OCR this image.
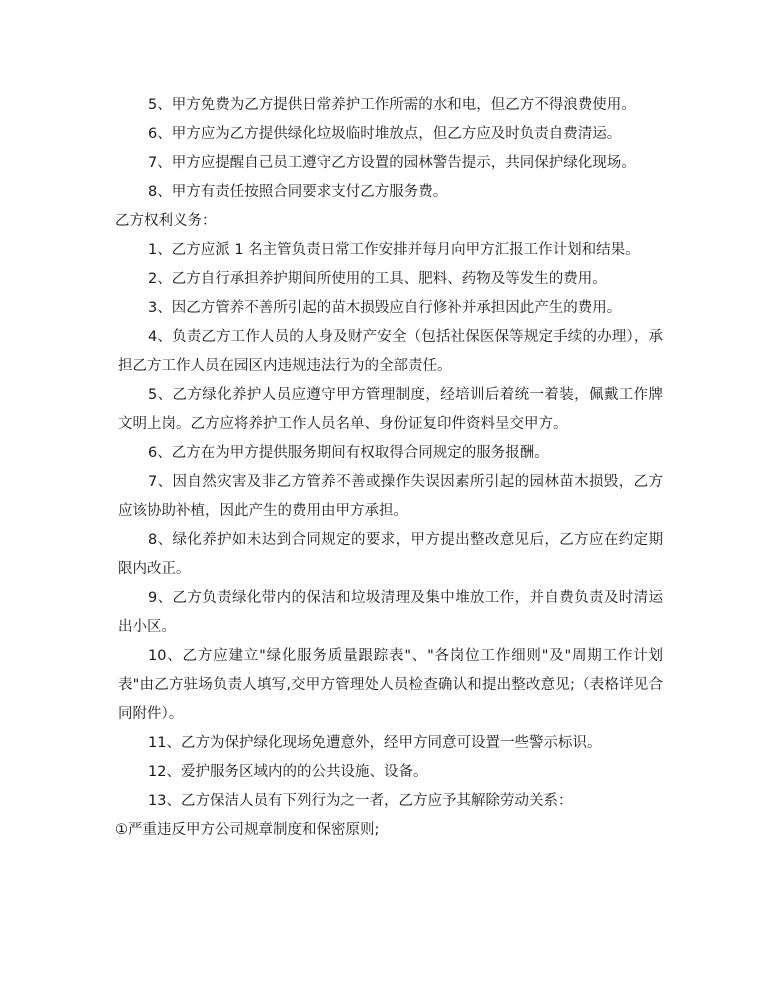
5、甲方免费为乙方提供日常养护工作所需的水和电，但乙方不得浪费使用。

6、甲方应为乙方提供绿化垃圾临时堆放点，但乙方应及时负责自费清运。

7、甲方应提醒自己员工遵守乙方设置的园林警告提示，共同保护绿化现场。

8、甲方有责任按照合同要求支付乙方服务费。

乙方权利义务：

1、乙方应派 1 名主管负责日常工作安排并每月向甲方汇报工作计划和结果。

2、乙方自行承担养护期间所使用的工具、肥料、药物及等发生的费用。

3、因乙方管养不善所引起的苗木损毁应自行修补并承担因此产生的费用。

4、负责乙方工作人员的人身及财产安全（包括社保医保等规定手续的办理），承担乙方工作人员在园区内违规违法行为的全部责任。

5、乙方绿化养护人员应遵守甲方管理制度，经培训后着统一着装，佩戴工作牌文明上岗。乙方应将养护工作人员名单、身份证复印件资料呈交甲方。

6、乙方在为甲方提供服务期间有权取得合同规定的服务报酬。

7、因自然灾害及非乙方管养不善或操作失误因素所引起的园林苗木损毁，乙方应该协助补植，因此产生的费用由甲方承担。

8、绿化养护如未达到合同规定的要求，甲方提出整改意见后，乙方应在约定期限内改正。

9、乙方负责绿化带内的保洁和垃圾清理及集中堆放工作，并自费负责及时清运出小区。

10、乙方应建立"绿化服务质量跟踪表"、"各岗位工作细则"及"周期工作计划表"由乙方驻场负责人填写,交甲方管理处人员检查确认和提出整改意见;（表格详见合同附件）。

11、乙方为保护绿化现场免遭意外，经甲方同意可设置一些警示标识。

12、爱护服务区域内的的公共设施、设备。

13、乙方保洁人员有下列行为之一者，乙方应予其解除劳动关系：

①严重违反甲方公司规章制度和保密原则;
